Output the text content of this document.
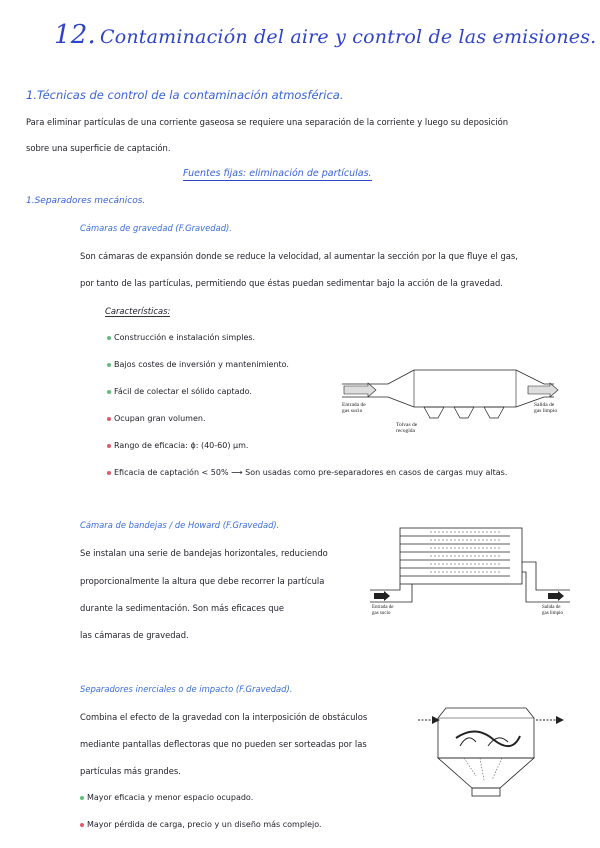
12. Contaminación del aire y control de las emisiones.
1.Técnicas de control de la contaminación atmosférica.
Para eliminar partículas de una corriente gaseosa se requiere una separación de la corriente y luego su deposición
sobre una superficie de captación.
Fuentes fijas: eliminación de partículas.
1.Separadores mecánicos.
Cámaras de gravedad (F.Gravedad).
Son cámaras de expansión donde se reduce la velocidad, al aumentar la sección por la que fluye el gas,
por tanto de las partículas, permitiendo que éstas puedan sedimentar bajo la acción de la gravedad.
Características:
Construcción e instalación simples.
Bajos costes de inversión y mantenimiento.
Fácil de colectar el sólido captado.
Ocupan gran volumen.
Rango de eficacia: ϕ: (40-60) µm.
Eficacia de captación < 50% ⟶ Son usadas como pre-separadores en casos de cargas muy altas.
Entrada de
gas sucio
Salida de
gas limpio
Tolvas de
recogida
Cámara de bandejas / de Howard (F.Gravedad).
Se instalan una serie de bandejas horizontales, reduciendo
proporcionalmente la altura que debe recorrer la partícula
durante la sedimentación. Son más eficaces que
las cámaras de gravedad.
Entrada de
gas sucio
Salida de
gas limpio
Separadores inerciales o de impacto (F.Gravedad).
Combina el efecto de la gravedad con la interposición de obstáculos
mediante pantallas deflectoras que no pueden ser sorteadas por las
partículas más grandes.
Mayor eficacia y menor espacio ocupado.
Mayor pérdida de carga, precio y un diseño más complejo.
